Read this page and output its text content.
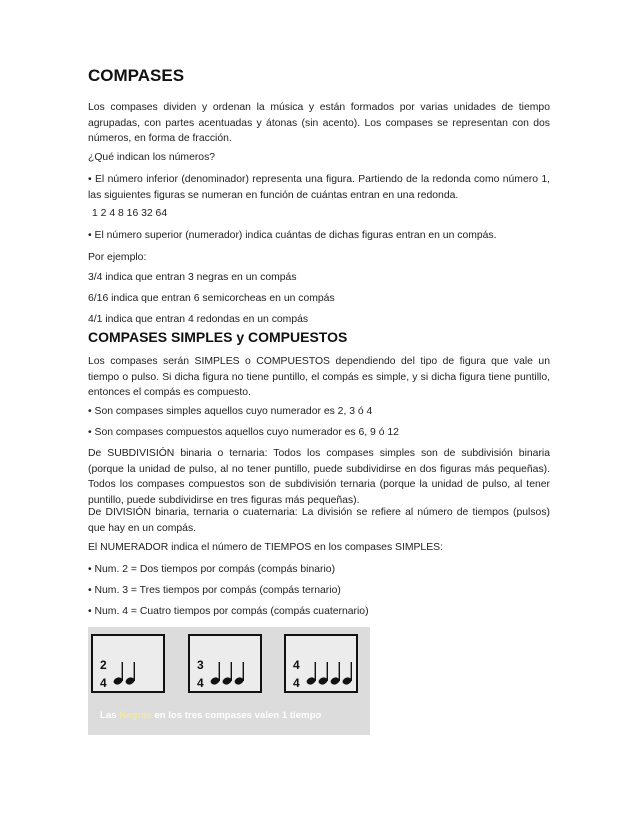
COMPASES

Los compases dividen y ordenan la música y están formados por varias unidades de tiempo agrupadas, con partes acentuadas y átonas (sin acento). Los compases se representan con dos números, en forma de fracción.

¿Qué indican los números?

• El número inferior (denominador) representa una figura. Partiendo de la redonda como número 1, las siguientes figuras se numeran en función de cuántas entran en una redonda.

1 2 4 8 16 32 64

• El número superior (numerador) indica cuántas de dichas figuras entran en un compás.

Por ejemplo:

3/4 indica que entran 3 negras en un compás

6/16 indica que entran 6 semicorcheas en un compás

4/1 indica que entran 4 redondas en un compás

COMPASES SIMPLES y COMPUESTOS

Los compases serán SIMPLES o COMPUESTOS dependiendo del tipo de figura que vale un tiempo o pulso. Si dicha figura no tiene puntillo, el compás es simple, y si dicha figura tiene puntillo, entonces el compás es compuesto.

• Son compases simples aquellos cuyo numerador es 2, 3 ó 4

• Son compases compuestos aquellos cuyo numerador es 6, 9 ó 12

De SUBDIVISIÓN binaria o ternaria: Todos los compases simples son de subdivisión binaria (porque la unidad de pulso, al no tener puntillo, puede subdividirse en dos figuras más pequeñas). Todos los compases compuestos son de subdivisión ternaria (porque la unidad de pulso, al tener puntillo, puede subdividirse en tres figuras más pequeñas).

De DIVISIÓN binaria, ternaria o cuaternaria: La división se refiere al número de tiempos (pulsos) que hay en un compás.

El NUMERADOR indica el número de TIEMPOS en los compases SIMPLES:

• Num. 2 = Dos tiempos por compás (compás binario)

• Num. 3 = Tres tiempos por compás (compás ternario)

• Num. 4 = Cuatro tiempos por compás (compás cuaternario)

2
4
3
4
4
4
Las Negras en los tres compases valen 1 tiempo
